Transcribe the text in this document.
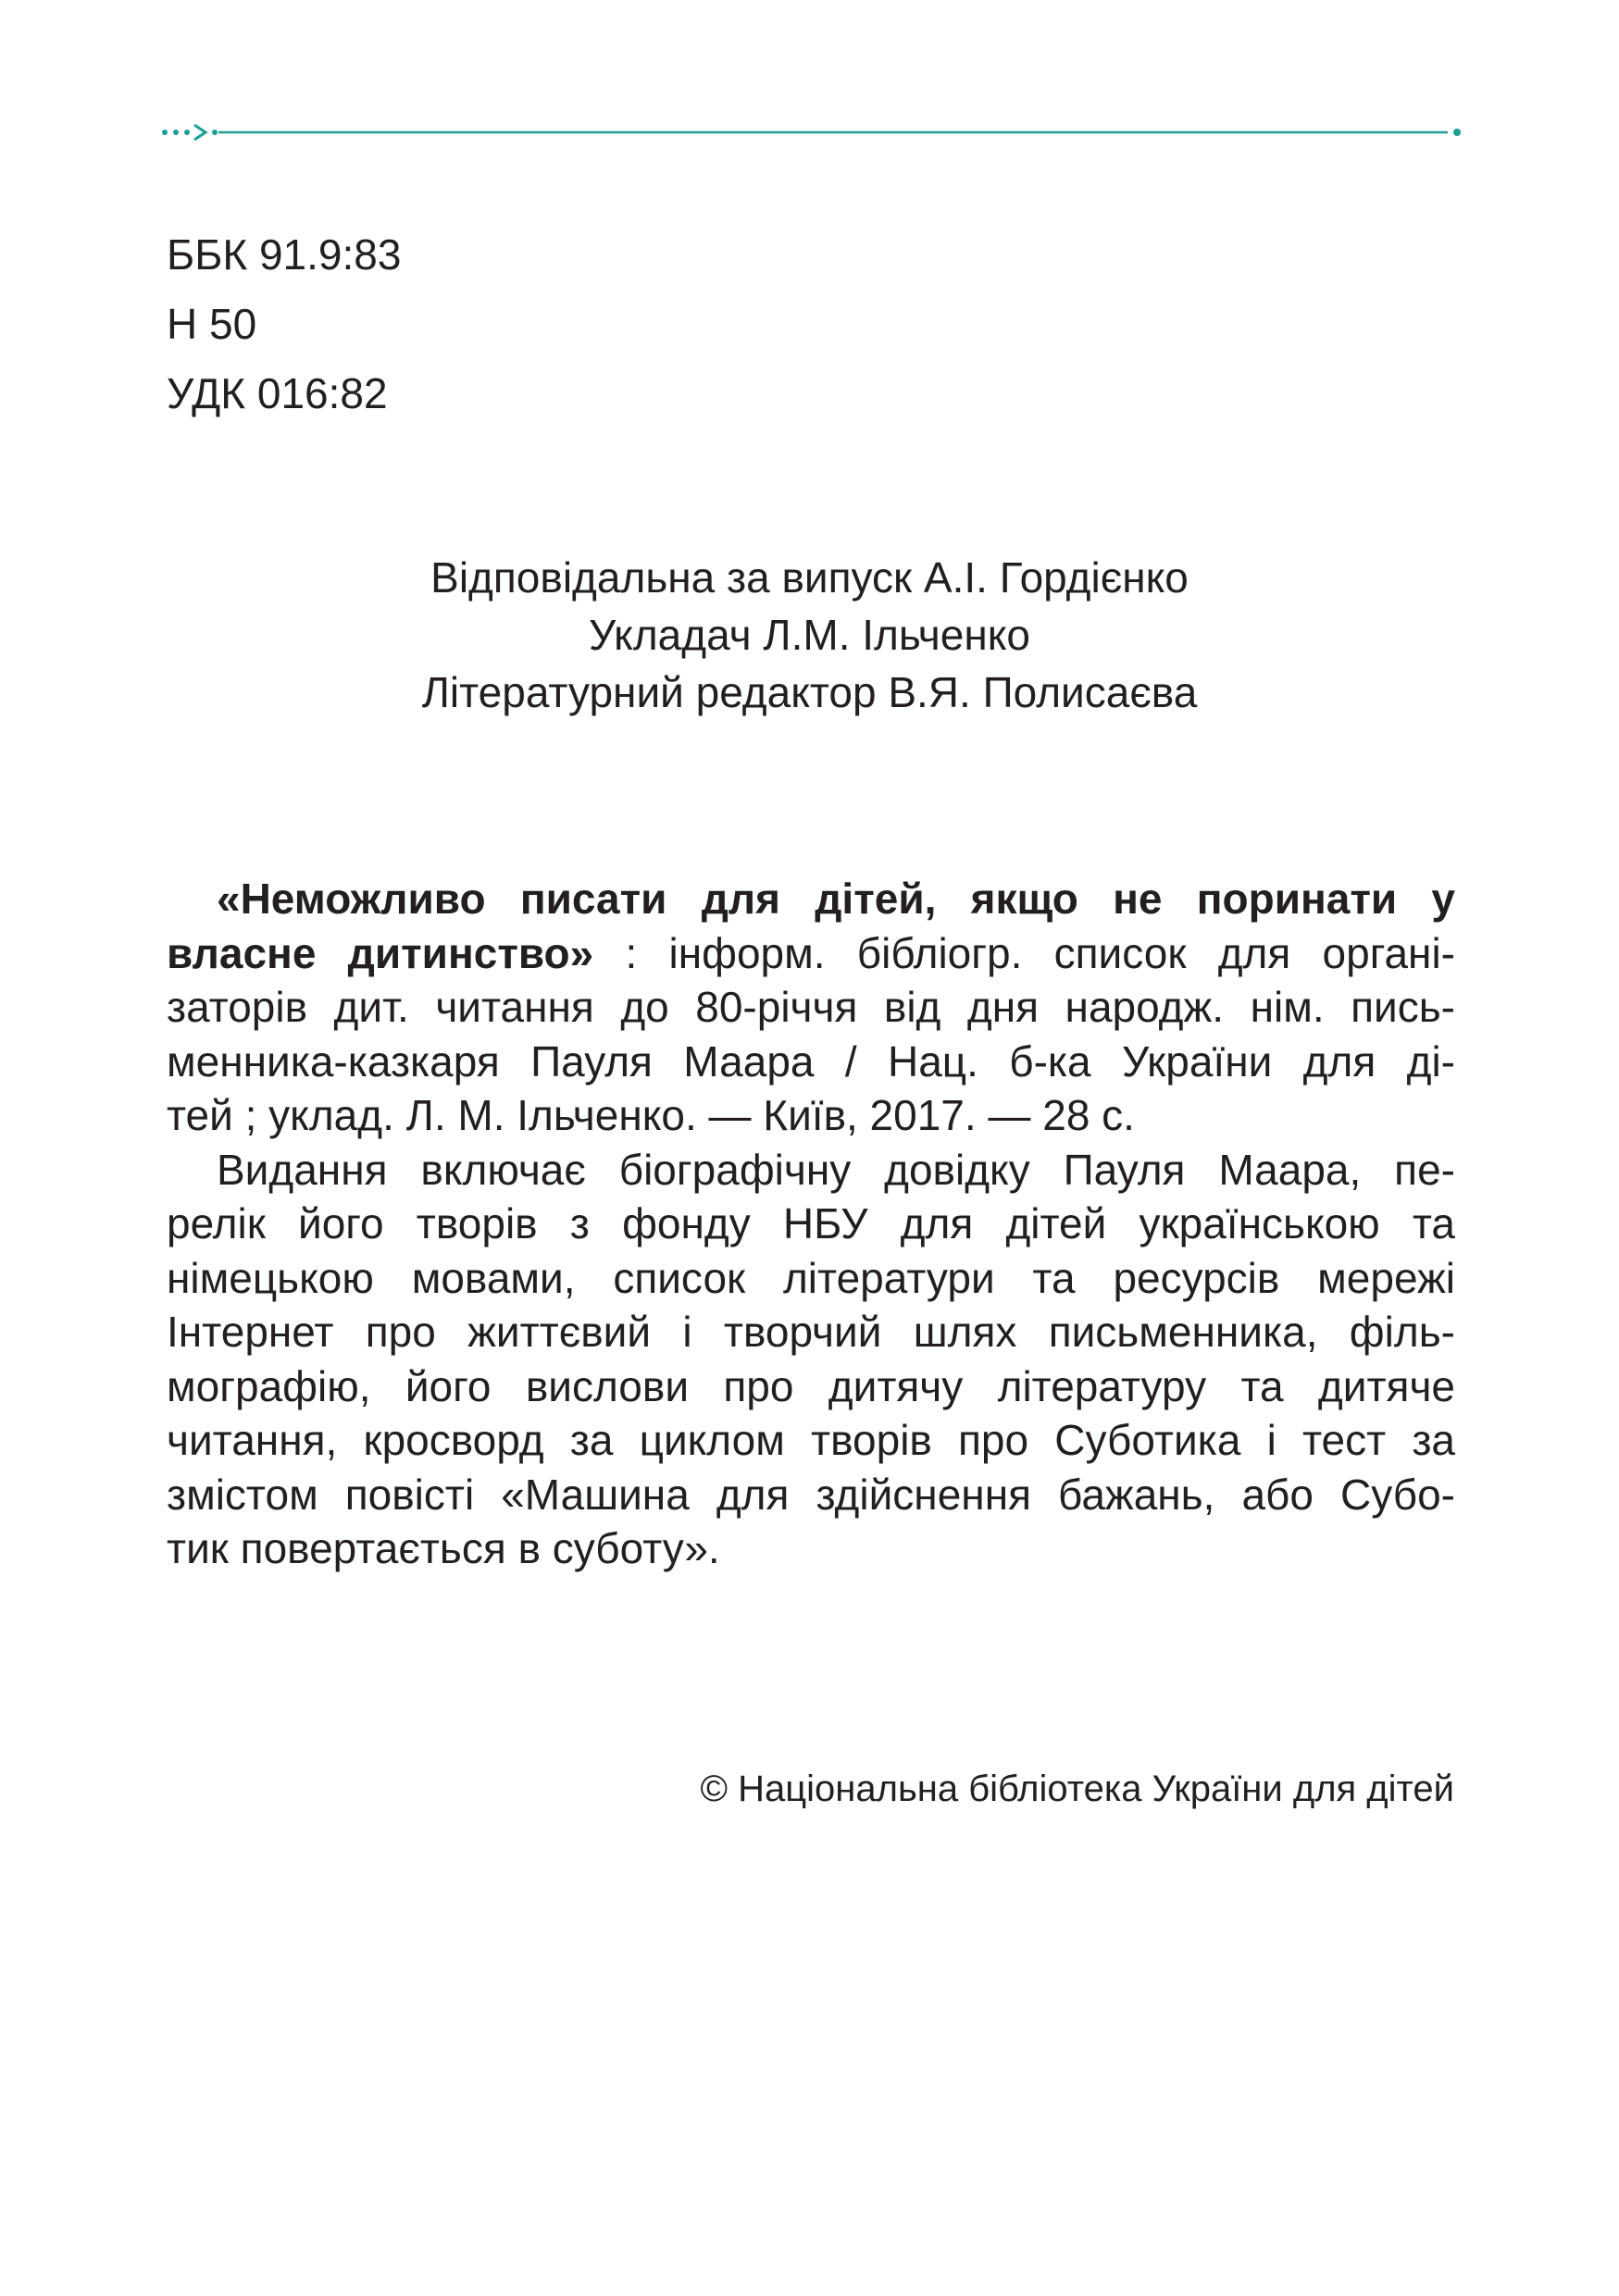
ББК 91.9:83
Н 50
УДК 016:82
Відповідальна за випуск А.І. Гордієнко
Укладач Л.М. Ільченко
Літературний редактор В.Я. Полисаєва

«Неможливо писати для дітей, якщо не поринати у
власне дитинство» : інформ. бібліогр. список для органі-
заторів дит. читання до 80-річчя від дня народж. нім. пись-
менника-казкаря Пауля Маара / Нац. б-ка України для ді-
тей ; уклад. Л. М. Ільченко. — Київ, 2017. — 28 с.

Видання включає біографічну довідку Пауля Маара, пе-
релік його творів з фонду НБУ для дітей українською та
німецькою мовами, список літератури та ресурсів мережі
Інтернет про життєвий і творчий шлях письменника, філь-
мографію, його вислови про дитячу літературу та дитяче
читання, кросворд за циклом творів про Суботика і тест за
змістом повісті «Машина для здійснення бажань, або Субо-
тик повертається в суботу».

© Національна бібліотека України для дітей
